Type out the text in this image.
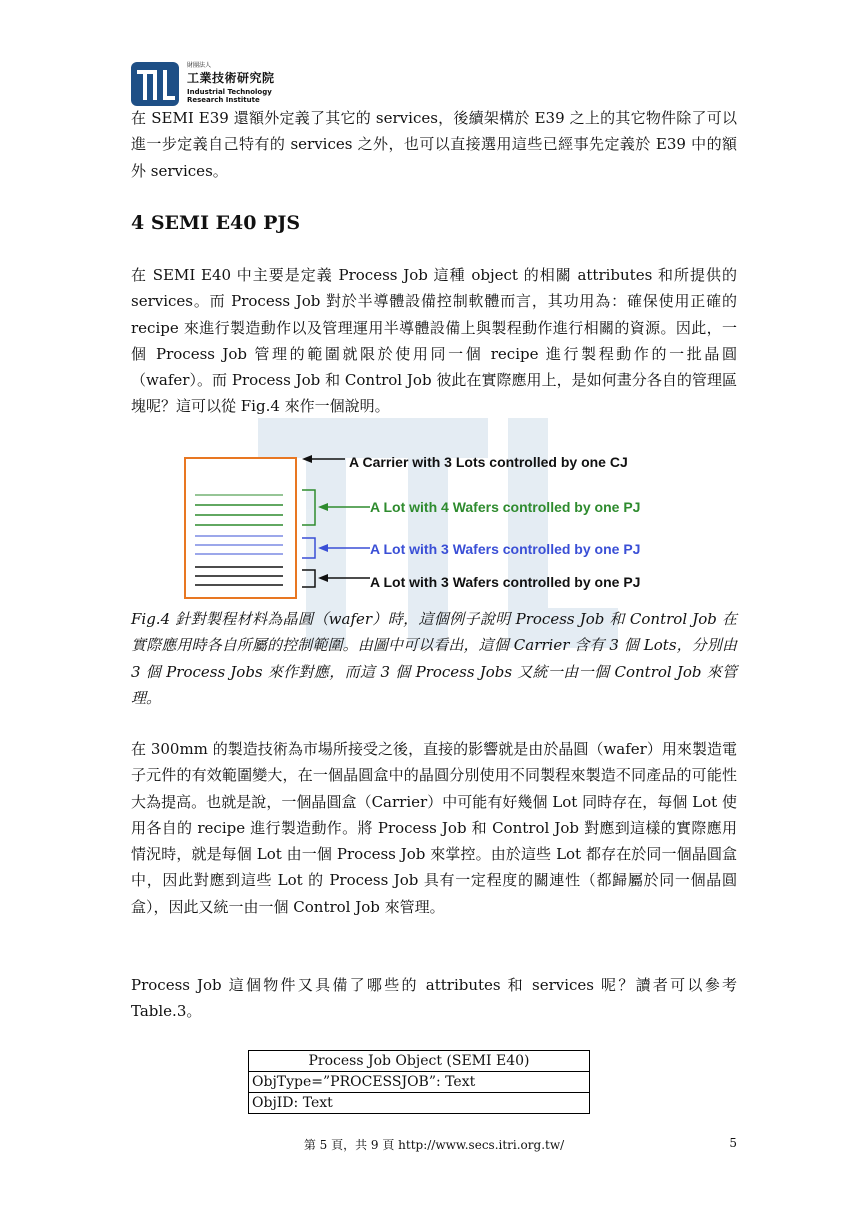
財團法人
工業技術研究院
Industrial Technology
Research Institute

在 SEMI E39 還額外定義了其它的 services，後續架構於 E39 之上的其它物件除了可以進一步定義自己特有的 services 之外，也可以直接選用這些已經事先定義於 E39 中的額外 services。

4 SEMI E40 PJS

在 SEMI E40 中主要是定義 Process Job 這種 object 的相關 attributes 和所提供的 services。而 Process Job 對於半導體設備控制軟體而言，其功用為：確保使用正確的 recipe 來進行製造動作以及管理運用半導體設備上與製程動作進行相關的資源。因此，一個 Process Job 管理的範圍就限於使用同一個 recipe 進行製程動作的一批晶圓（wafer）。而 Process Job 和 Control Job 彼此在實際應用上，是如何畫分各自的管理區塊呢？這可以從 Fig.4 來作一個說明。

A Carrier with 3 Lots controlled by one CJ
A Lot with 4 Wafers controlled by one PJ
A Lot with 3 Wafers controlled by one PJ
A Lot with 3 Wafers controlled by one PJ

Fig.4 針對製程材料為晶圓（wafer）時，這個例子說明 Process Job 和 Control Job 在實際應用時各自所屬的控制範圍。由圖中可以看出，這個 Carrier 含有 3 個 Lots，分別由 3 個 Process Jobs 來作對應，而這 3 個 Process Jobs 又統一由一個 Control Job 來管理。

在 300mm 的製造技術為市場所接受之後，直接的影響就是由於晶圓（wafer）用來製造電子元件的有效範圍變大，在一個晶圓盒中的晶圓分別使用不同製程來製造不同產品的可能性大為提高。也就是說，一個晶圓盒（Carrier）中可能有好幾個 Lot 同時存在，每個 Lot 使用各自的 recipe 進行製造動作。將 Process Job 和 Control Job 對應到這樣的實際應用情況時，就是每個 Lot 由一個 Process Job 來掌控。由於這些 Lot 都存在於同一個晶圓盒中，因此對應到這些 Lot 的 Process Job 具有一定程度的關連性（都歸屬於同一個晶圓盒），因此又統一由一個 Control Job 來管理。

Process Job 這個物件又具備了哪些的 attributes 和 services 呢？讀者可以參考 Table.3。

Process Job Object (SEMI E40)
ObjType=”PROCESSJOB”: Text
ObjID: Text
第 5 頁，共 9 頁 http://www.secs.itri.org.tw/	5
